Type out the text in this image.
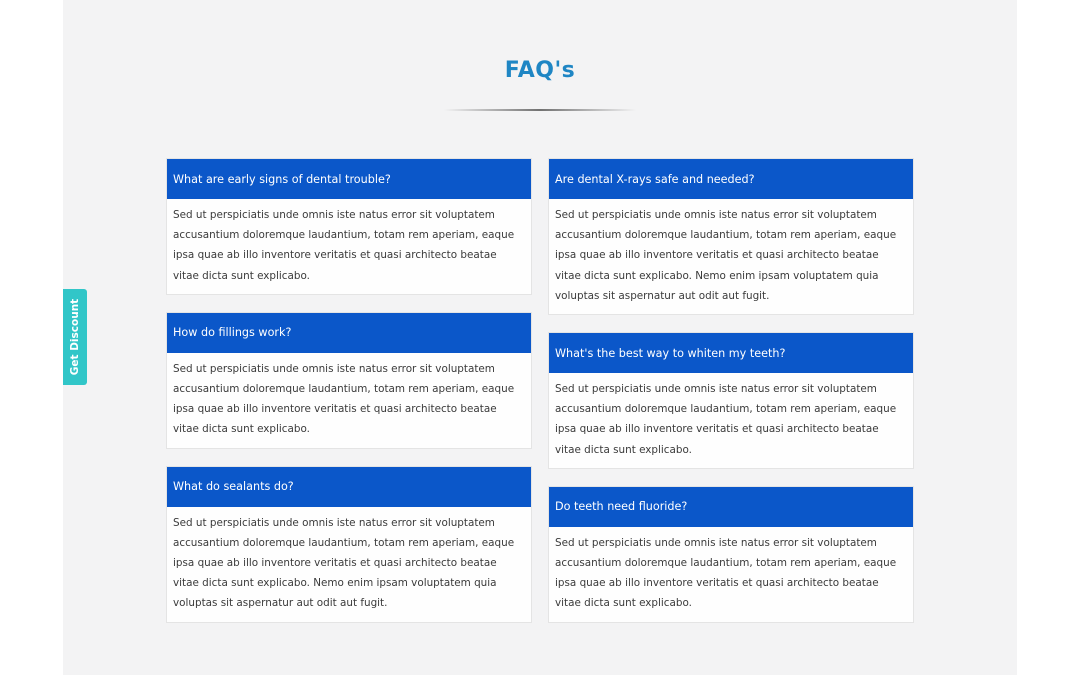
FAQ's
What are early signs of dental trouble?

Sed ut perspiciatis unde omnis iste natus error sit voluptatem accusantium doloremque laudantium, totam rem aperiam, eaque ipsa quae ab illo inventore veritatis et quasi architecto beatae vitae dicta sunt explicabo.

How do fillings work?

Sed ut perspiciatis unde omnis iste natus error sit voluptatem accusantium doloremque laudantium, totam rem aperiam, eaque ipsa quae ab illo inventore veritatis et quasi architecto beatae vitae dicta sunt explicabo.

What do sealants do?

Sed ut perspiciatis unde omnis iste natus error sit voluptatem accusantium doloremque laudantium, totam rem aperiam, eaque ipsa quae ab illo inventore veritatis et quasi architecto beatae vitae dicta sunt explicabo. Nemo enim ipsam voluptatem quia voluptas sit aspernatur aut odit aut fugit.

Are dental X-rays safe and needed?

Sed ut perspiciatis unde omnis iste natus error sit voluptatem accusantium doloremque laudantium, totam rem aperiam, eaque ipsa quae ab illo inventore veritatis et quasi architecto beatae vitae dicta sunt explicabo. Nemo enim ipsam voluptatem quia voluptas sit aspernatur aut odit aut fugit.

What's the best way to whiten my teeth?

Sed ut perspiciatis unde omnis iste natus error sit voluptatem accusantium doloremque laudantium, totam rem aperiam, eaque ipsa quae ab illo inventore veritatis et quasi architecto beatae vitae dicta sunt explicabo.

Do teeth need fluoride?

Sed ut perspiciatis unde omnis iste natus error sit voluptatem accusantium doloremque laudantium, totam rem aperiam, eaque ipsa quae ab illo inventore veritatis et quasi architecto beatae vitae dicta sunt explicabo.

Get Discount
